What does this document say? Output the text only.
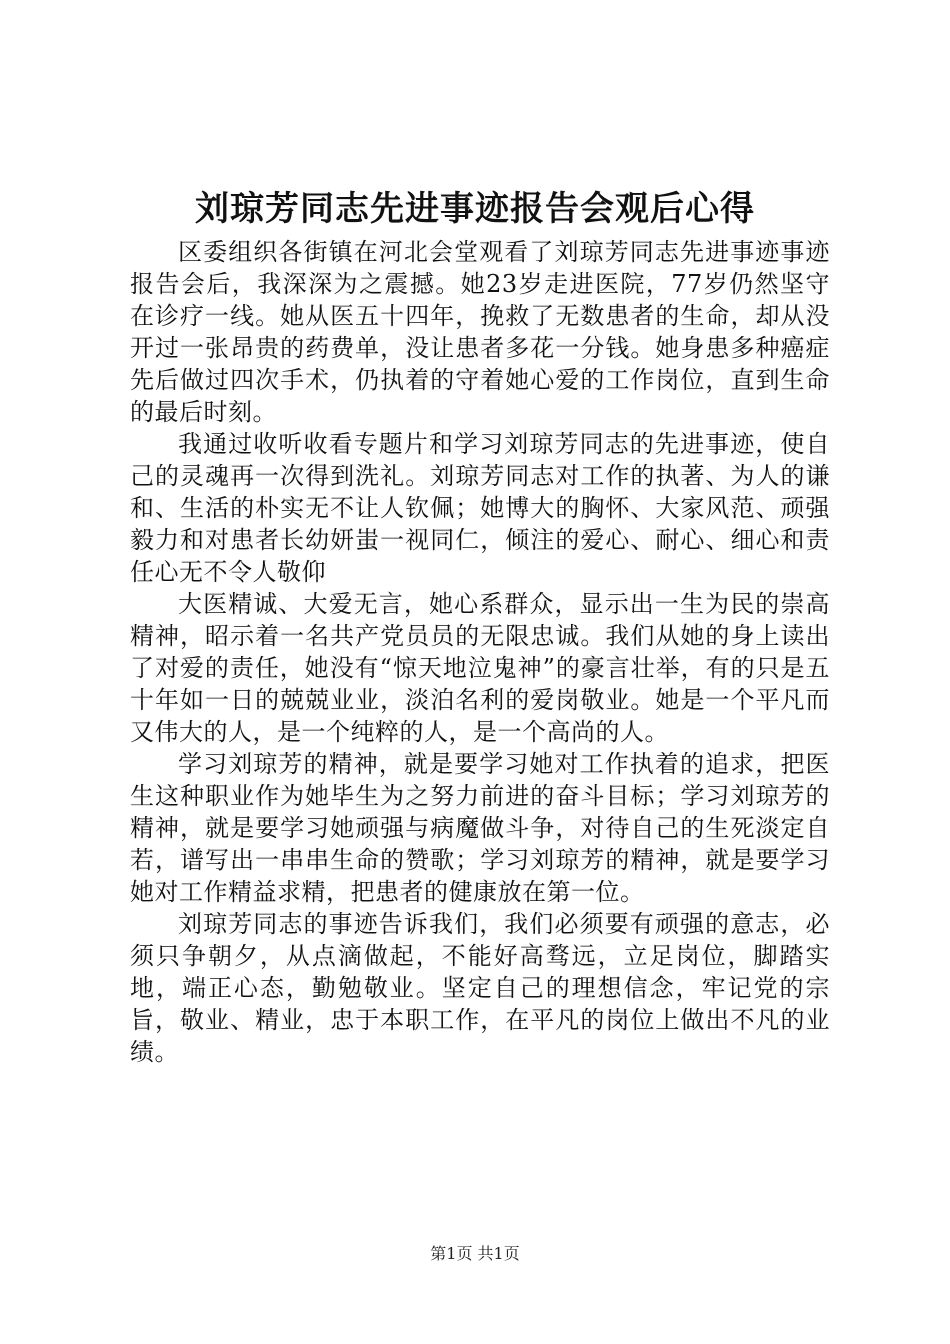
刘琼芳同志先进事迹报告会观后心得

区委组织各街镇在河北会堂观看了刘琼芳同志先进事迹事迹报告会后，我深深为之震撼。她23岁走进医院，77岁仍然坚守在诊疗一线。她从医五十四年，挽救了无数患者的生命，却从没开过一张昂贵的药费单，没让患者多花一分钱。她身患多种癌症先后做过四次手术，仍执着的守着她心爱的工作岗位，直到生命的最后时刻。

我通过收听收看专题片和学习刘琼芳同志的先进事迹，使自己的灵魂再一次得到洗礼。刘琼芳同志对工作的执著、为人的谦和、生活的朴实无不让人钦佩；她博大的胸怀、大家风范、顽强毅力和对患者长幼妍蚩一视同仁，倾注的爱心、耐心、细心和责任心无不令人敬仰

大医精诚、大爱无言，她心系群众，显示出一生为民的崇高精神，昭示着一名共产党员员的无限忠诚。我们从她的身上读出了对爱的责任，她没有“惊天地泣鬼神”的豪言壮举，有的只是五十年如一日的兢兢业业，淡泊名利的爱岗敬业。她是一个平凡而又伟大的人，是一个纯粹的人，是一个高尚的人。

学习刘琼芳的精神，就是要学习她对工作执着的追求，把医生这种职业作为她毕生为之努力前进的奋斗目标；学习刘琼芳的精神，就是要学习她顽强与病魔做斗争，对待自己的生死淡定自若，谱写出一串串生命的赞歌；学习刘琼芳的精神，就是要学习她对工作精益求精，把患者的健康放在第一位。

刘琼芳同志的事迹告诉我们，我们必须要有顽强的意志，必须只争朝夕，从点滴做起，不能好高骛远，立足岗位，脚踏实地，端正心态，勤勉敬业。坚定自己的理想信念，牢记党的宗旨，敬业、精业，忠于本职工作，在平凡的岗位上做出不凡的业绩。

第1页 共1页
